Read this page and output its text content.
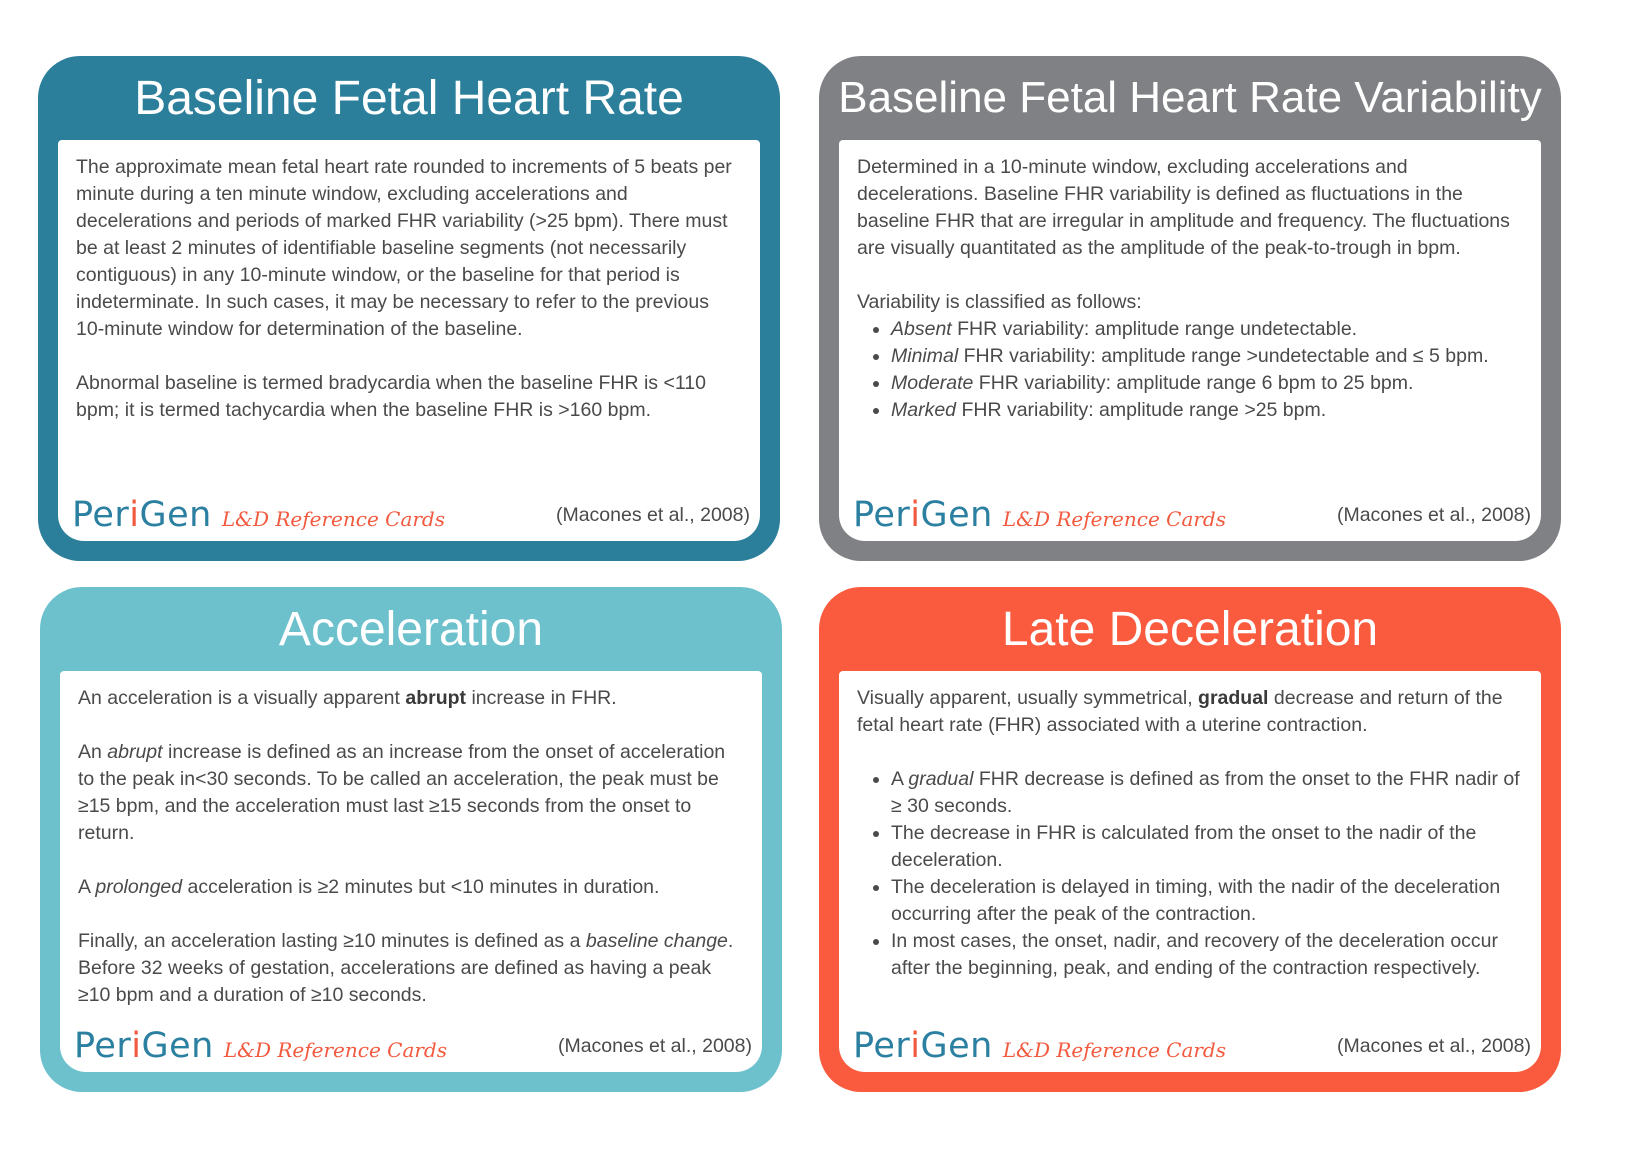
Baseline Fetal Heart Rate

The approximate mean fetal heart rate rounded to increments of 5 beats per minute during a ten minute window, excluding accelerations and decelerations and periods of marked FHR variability (>25 bpm). There must be at least 2 minutes of identifiable baseline segments (not necessarily contiguous) in any 10-minute window, or the baseline for that period is indeterminate. In such cases, it may be necessary to refer to the previous 10-minute window for determination of the baseline.

Abnormal baseline is termed bradycardia when the baseline FHR is <110 bpm; it is termed tachycardia when the baseline FHR is >160 bpm.

PeriGen L&D Reference Cards	(Macones et al., 2008)
Baseline Fetal Heart Rate Variability

Determined in a 10-minute window, excluding accelerations and decelerations. Baseline FHR variability is defined as fluctuations in the baseline FHR that are irregular in amplitude and frequency. The fluctuations are visually quantitated as the amplitude of the peak-to-trough in bpm.

Variability is classified as follows:

• Absent FHR variability: amplitude range undetectable.
• Minimal FHR variability: amplitude range >undetectable and ≤ 5 bpm.
• Moderate FHR variability: amplitude range 6 bpm to 25 bpm.
• Marked FHR variability: amplitude range >25 bpm.
PeriGen L&D Reference Cards	(Macones et al., 2008)
Acceleration

An acceleration is a visually apparent abrupt increase in FHR.

An abrupt increase is defined as an increase from the onset of acceleration to the peak in<30 seconds. To be called an acceleration, the peak must be ≥15 bpm, and the acceleration must last ≥15 seconds from the onset to return.

A prolonged acceleration is ≥2 minutes but <10 minutes in duration.

Finally, an acceleration lasting ≥10 minutes is defined as a baseline change. Before 32 weeks of gestation, accelerations are defined as having a peak ≥10 bpm and a duration of ≥10 seconds.

PeriGen L&D Reference Cards	(Macones et al., 2008)
Late Deceleration

Visually apparent, usually symmetrical, gradual decrease and return of the fetal heart rate (FHR) associated with a uterine contraction.

• A gradual FHR decrease is defined as from the onset to the FHR nadir of ≥ 30 seconds.
• The decrease in FHR is calculated from the onset to the nadir of the deceleration.
• The deceleration is delayed in timing, with the nadir of the deceleration occurring after the peak of the contraction.
• In most cases, the onset, nadir, and recovery of the deceleration occur after the beginning, peak, and ending of the contraction respectively.
PeriGen L&D Reference Cards	(Macones et al., 2008)
